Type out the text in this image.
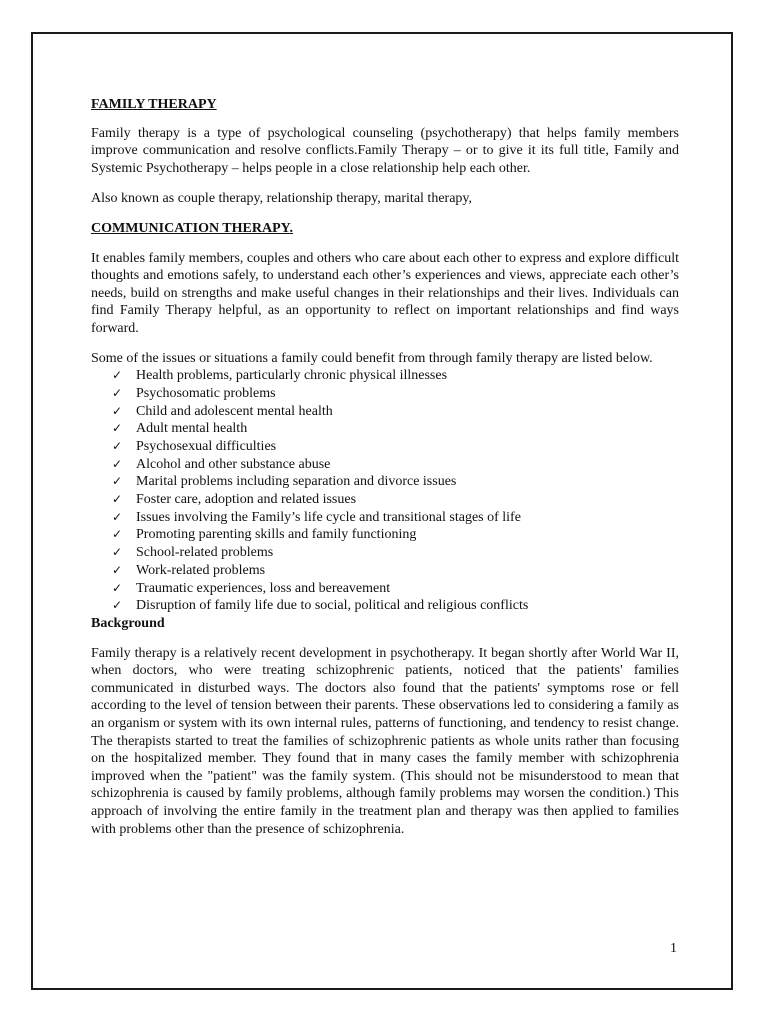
FAMILY THERAPY

Family therapy is a type of psychological counseling (psychotherapy) that helps family members improve communication and resolve conflicts.Family Therapy – or to give it its full title, Family and Systemic Psychotherapy – helps people in a close relationship help each other.

Also known as couple therapy, relationship therapy, marital therapy,

COMMUNICATION THERAPY.

It enables family members, couples and others who care about each other to express and explore difficult thoughts and emotions safely, to understand each other’s experiences and views, appreciate each other’s needs, build on strengths and make useful changes in their relationships and their lives. Individuals can find Family Therapy helpful, as an opportunity to reflect on important relationships and find ways forward.

Some of the issues or situations a family could benefit from through family therapy are listed below.

✓ Health problems, particularly chronic physical illnesses
✓ Psychosomatic problems
✓ Child and adolescent mental health
✓ Adult mental health
✓ Psychosexual difficulties
✓ Alcohol and other substance abuse
✓ Marital problems including separation and divorce issues
✓ Foster care, adoption and related issues
✓ Issues involving the Family’s life cycle and transitional stages of life
✓ Promoting parenting skills and family functioning
✓ School-related problems
✓ Work-related problems
✓ Traumatic experiences, loss and bereavement
✓ Disruption of family life due to social, political and religious conflicts
Background

Family therapy is a relatively recent development in psychotherapy. It began shortly after World War II, when doctors, who were treating schizophrenic patients, noticed that the patients' families communicated in disturbed ways. The doctors also found that the patients' symptoms rose or fell according to the level of tension between their parents. These observations led to considering a family as an organism or system with its own internal rules, patterns of functioning, and tendency to resist change. The therapists started to treat the families of schizophrenic patients as whole units rather than focusing on the hospitalized member. They found that in many cases the family member with schizophrenia improved when the "patient" was the family system. (This should not be misunderstood to mean that schizophrenia is caused by family problems, although family problems may worsen the condition.) This approach of involving the entire family in the treatment plan and therapy was then applied to families with problems other than the presence of schizophrenia.

1
